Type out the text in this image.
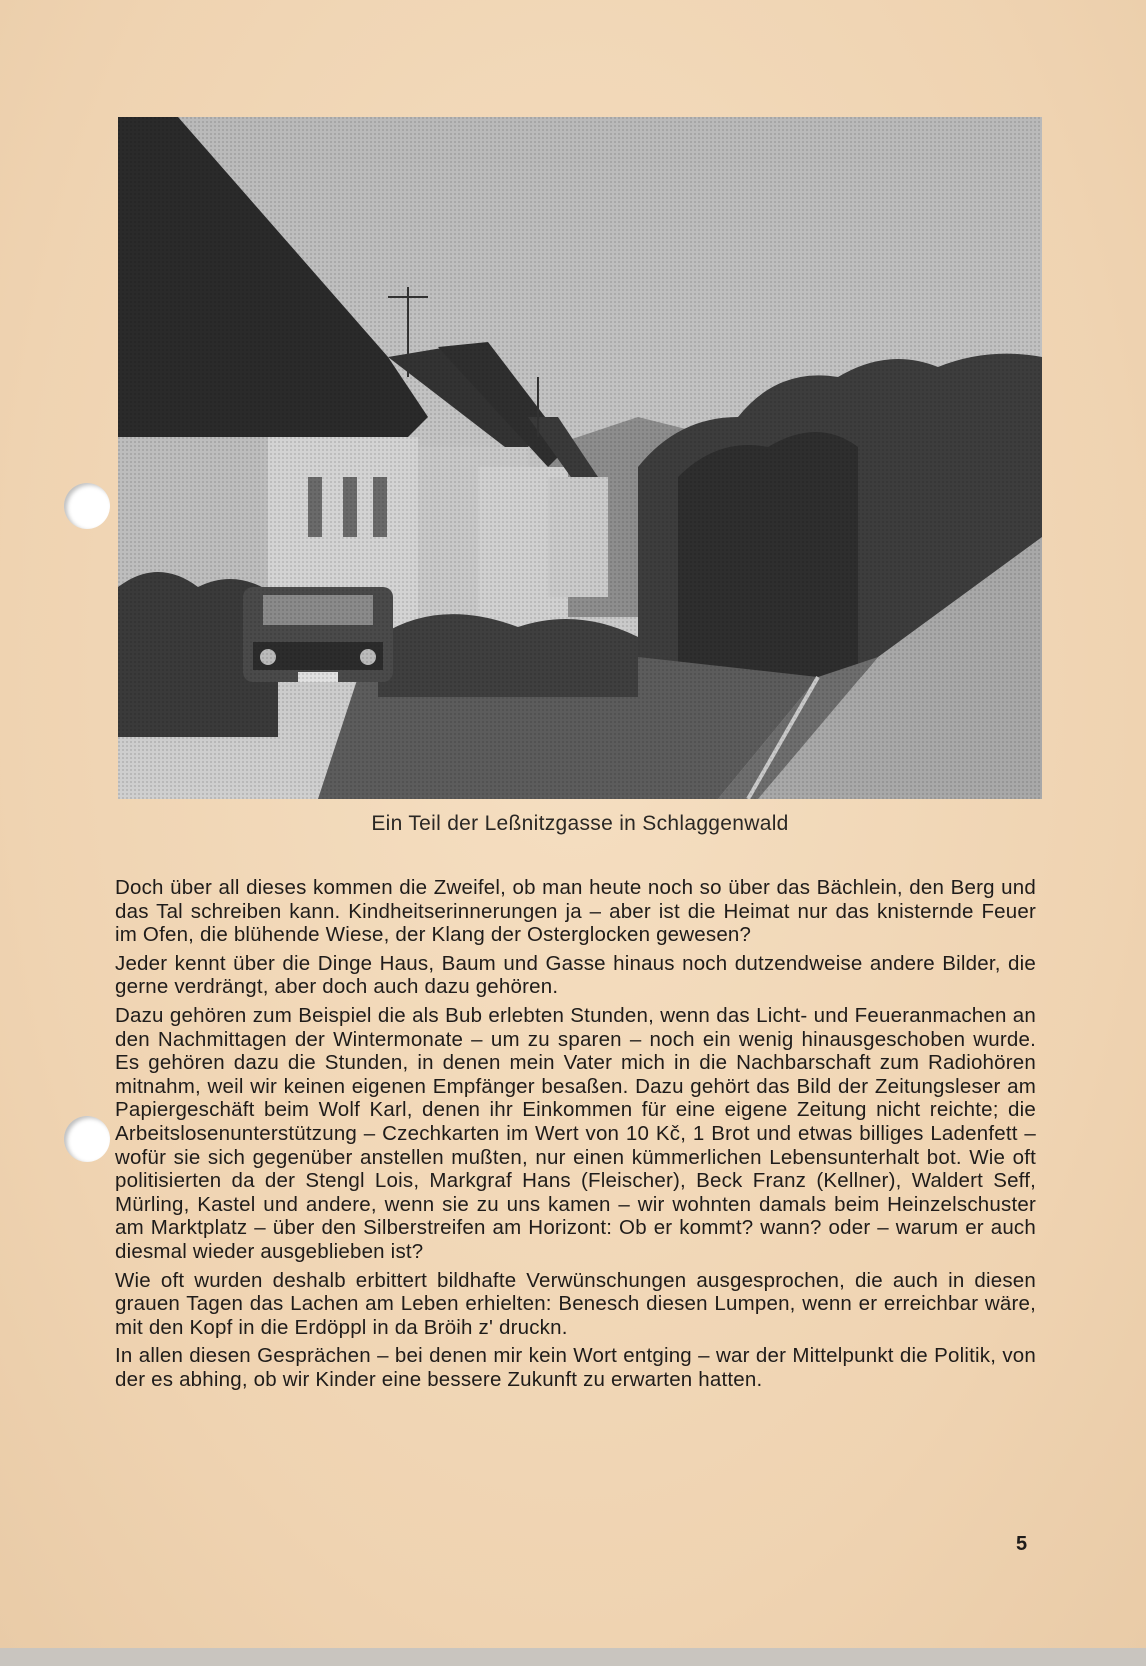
Ein Teil der Leßnitzgasse in Schlaggenwald

Doch über all dieses kommen die Zweifel, ob man heute noch so über das Bächlein, den Berg und das Tal schreiben kann. Kindheitserinnerungen ja – aber ist die Heimat nur das knisternde Feuer im Ofen, die blühende Wiese, der Klang der Osterglocken gewesen?

Jeder kennt über die Dinge Haus, Baum und Gasse hinaus noch dutzendweise andere Bilder, die gerne verdrängt, aber doch auch dazu gehören.

Dazu gehören zum Beispiel die als Bub erlebten Stunden, wenn das Licht- und Feueranmachen an den Nachmittagen der Wintermonate – um zu sparen – noch ein wenig hinausgeschoben wurde. Es gehören dazu die Stunden, in denen mein Vater mich in die Nachbarschaft zum Radiohören mitnahm, weil wir keinen eigenen Empfänger besaßen. Dazu gehört das Bild der Zeitungsleser am Papiergeschäft beim Wolf Karl, denen ihr Einkommen für eine eigene Zeitung nicht reichte; die Arbeitslosenunterstützung – Czechkarten im Wert von 10 Kč, 1 Brot und etwas billiges Ladenfett – wofür sie sich gegenüber anstellen mußten, nur einen kümmerlichen Lebensunterhalt bot. Wie oft politisierten da der Stengl Lois, Markgraf Hans (Fleischer), Beck Franz (Kellner), Waldert Seff, Mürling, Kastel und andere, wenn sie zu uns kamen – wir wohnten damals beim Heinzelschuster am Marktplatz – über den Silberstreifen am Horizont: Ob er kommt? wann? oder – warum er auch diesmal wieder ausgeblieben ist?

Wie oft wurden deshalb erbittert bildhafte Verwünschungen ausgesprochen, die auch in diesen grauen Tagen das Lachen am Leben erhielten: Benesch diesen Lumpen, wenn er erreichbar wäre, mit den Kopf in die Erdöppl in da Bröih z' druckn.

In allen diesen Gesprächen – bei denen mir kein Wort entging – war der Mittelpunkt die Politik, von der es abhing, ob wir Kinder eine bessere Zukunft zu erwarten hatten.

5
